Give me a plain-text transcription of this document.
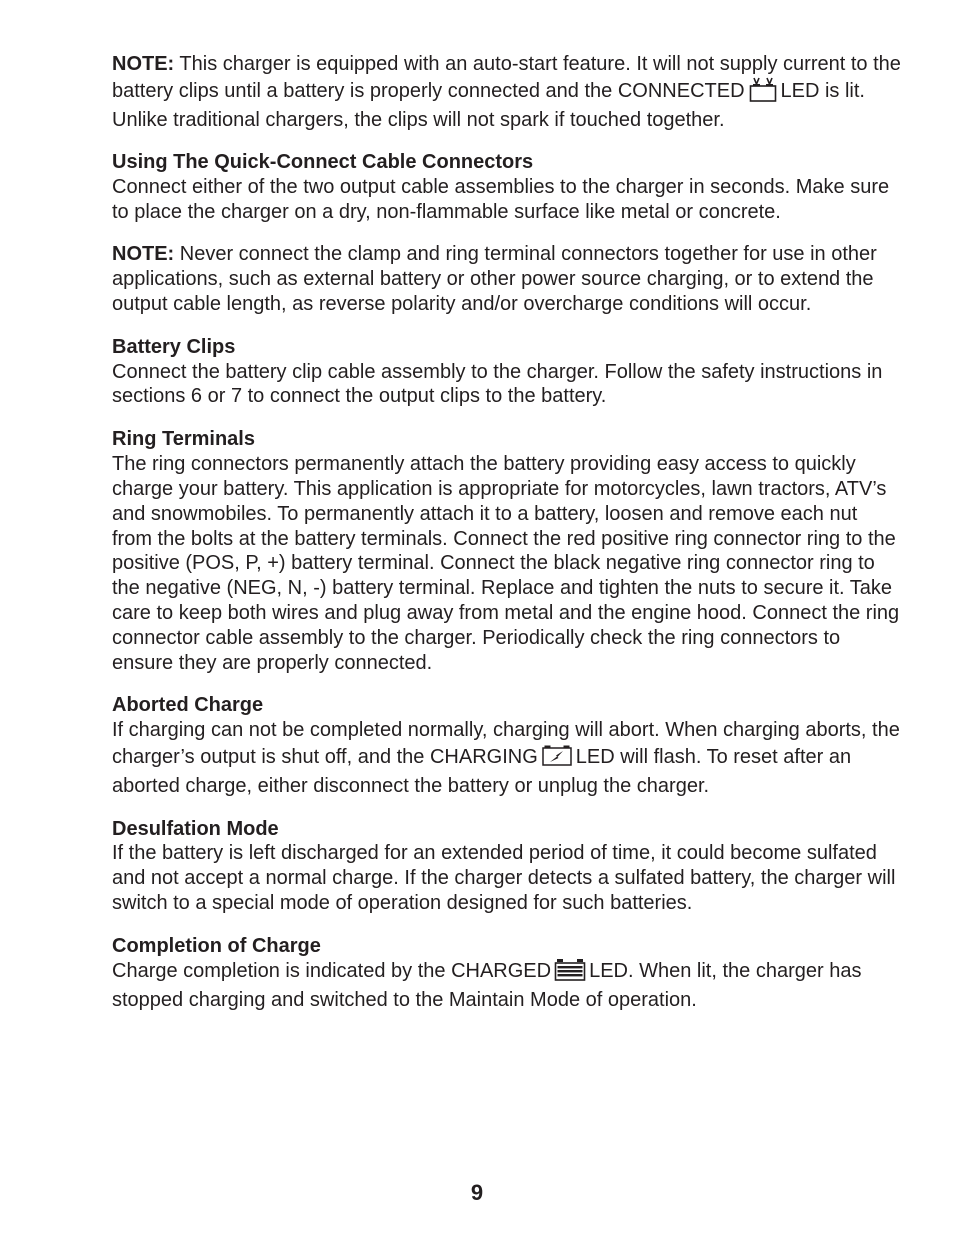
NOTE: This charger is equipped with an auto-start feature. It will not supply current to the battery clips until a battery is properly connected and the CONNECTED LED is lit. Unlike traditional chargers, the clips will not spark if touched together.

Using The Quick-Connect Cable Connectors
Connect either of the two output cable assemblies to the charger in seconds. Make sure to place the charger on a dry, non-flammable surface like metal or concrete.

NOTE: Never connect the clamp and ring terminal connectors together for use in other applications, such as external battery or other power source charging, or to extend the output cable length, as reverse polarity and/or overcharge conditions will occur.

Battery Clips
Connect the battery clip cable assembly to the charger. Follow the safety instructions in sections 6 or 7 to connect the output clips to the battery.

Ring Terminals
The ring connectors permanently attach the battery providing easy access to quickly charge your battery. This application is appropriate for motorcycles, lawn tractors, ATV’s and snowmobiles. To permanently attach it to a battery, loosen and remove each nut from the bolts at the battery terminals. Connect the red positive ring connector ring to the positive (POS, P, +) battery terminal. Connect the black negative ring connector ring to the negative (NEG, N, -) battery terminal. Replace and tighten the nuts to secure it. Take care to keep both wires and plug away from metal and the engine hood. Connect the ring connector cable assembly to the charger. Periodically check the ring connectors to ensure they are properly connected.

Aborted Charge
If charging can not be completed normally, charging will abort. When charging aborts, the charger’s output is shut off, and the CHARGING LED will flash. To reset after an aborted charge, either disconnect the battery or unplug the charger.

Desulfation Mode
If the battery is left discharged for an extended period of time, it could become sulfated and not accept a normal charge. If the charger detects a sulfated battery, the charger will switch to a special mode of operation designed for such batteries.

Completion of Charge
Charge completion is indicated by the CHARGED LED. When lit, the charger has stopped charging and switched to the Maintain Mode of operation.

9
